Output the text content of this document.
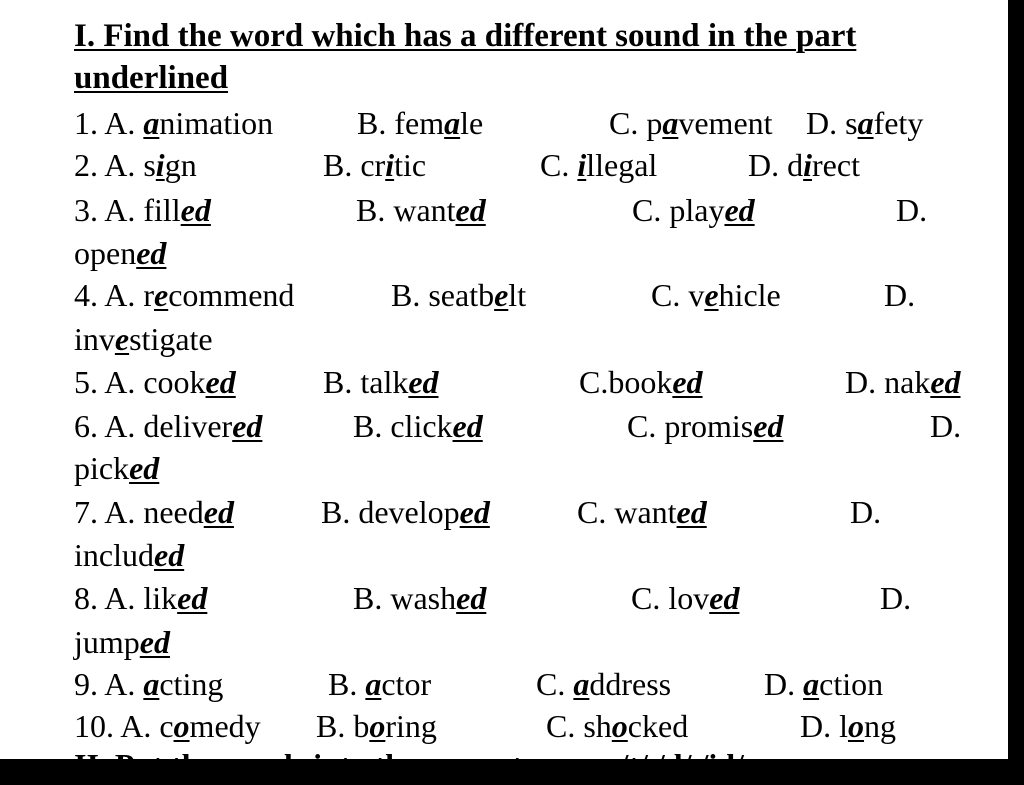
I. Find the word which has a different sound in the part
underlined
1. A. animation	B. female	C. pavement D. safety
2. A. sign	B. critic	C. illegal	D. direct
3. A. filled	B. wanted	C. played	D.
opened
4. A. recommend	B. seatbelt	C. vehicle	D.
investigate
5. A. cooked	B. talked	C.booked	D. naked
6. A. delivered	B. clicked	C. promised	D.
picked
7. A. needed	B. developed	C. wanted	D.
included
8. A. liked	B. washed	C. loved	D.
jumped
9. A. acting	B. actor	C. address	D. action
10. A. comedy B. boring	C. shocked	D. long
II. Put the words into the correct group /t/ /d/ /id/
